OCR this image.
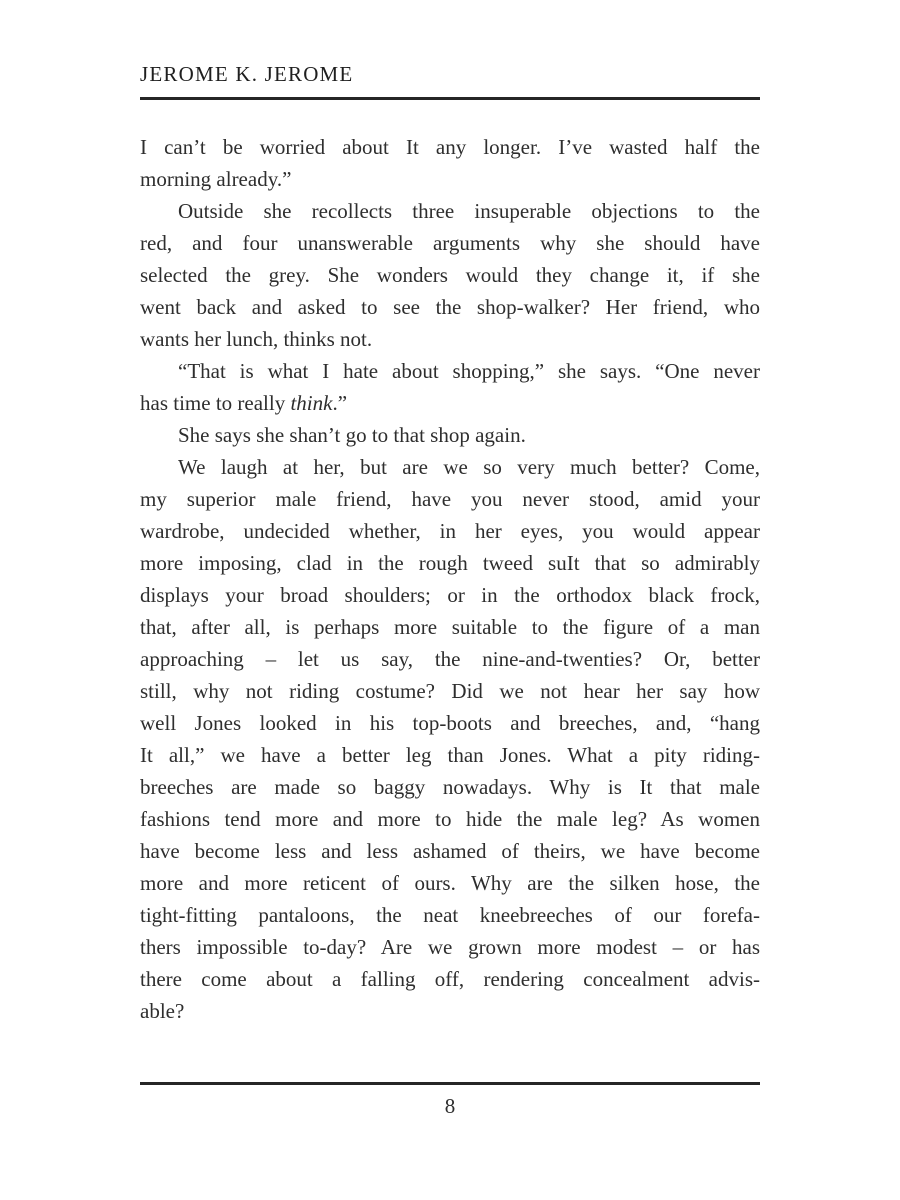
JEROME K. JEROME
I can’t be worried about It any longer. I’ve wasted half the
morning already.”
Outside she recollects three insuperable objections to the
red, and four unanswerable arguments why she should have
selected the grey. She wonders would they change it, if she
went back and asked to see the shop-walker? Her friend, who
wants her lunch, thinks not.
“That is what I hate about shopping,” she says. “One never
has time to really think.”
She says she shan’t go to that shop again.
We laugh at her, but are we so very much better? Come,
my superior male friend, have you never stood, amid your
wardrobe, undecided whether, in her eyes, you would appear
more imposing, clad in the rough tweed suIt that so admirably
displays your broad shoulders; or in the orthodox black frock,
that, after all, is perhaps more suitable to the figure of a man
approaching – let us say, the nine-and-twenties? Or, better
still, why not riding costume? Did we not hear her say how
well Jones looked in his top-boots and breeches, and, “hang
It all,” we have a better leg than Jones. What a pity riding-
breeches are made so baggy nowadays. Why is It that male
fashions tend more and more to hide the male leg? As women
have become less and less ashamed of theirs, we have become
more and more reticent of ours. Why are the silken hose, the
tight-fitting pantaloons, the neat kneebreeches of our forefa-
thers impossible to-day? Are we grown more modest – or has
there come about a falling off, rendering concealment advis-
able?
8
